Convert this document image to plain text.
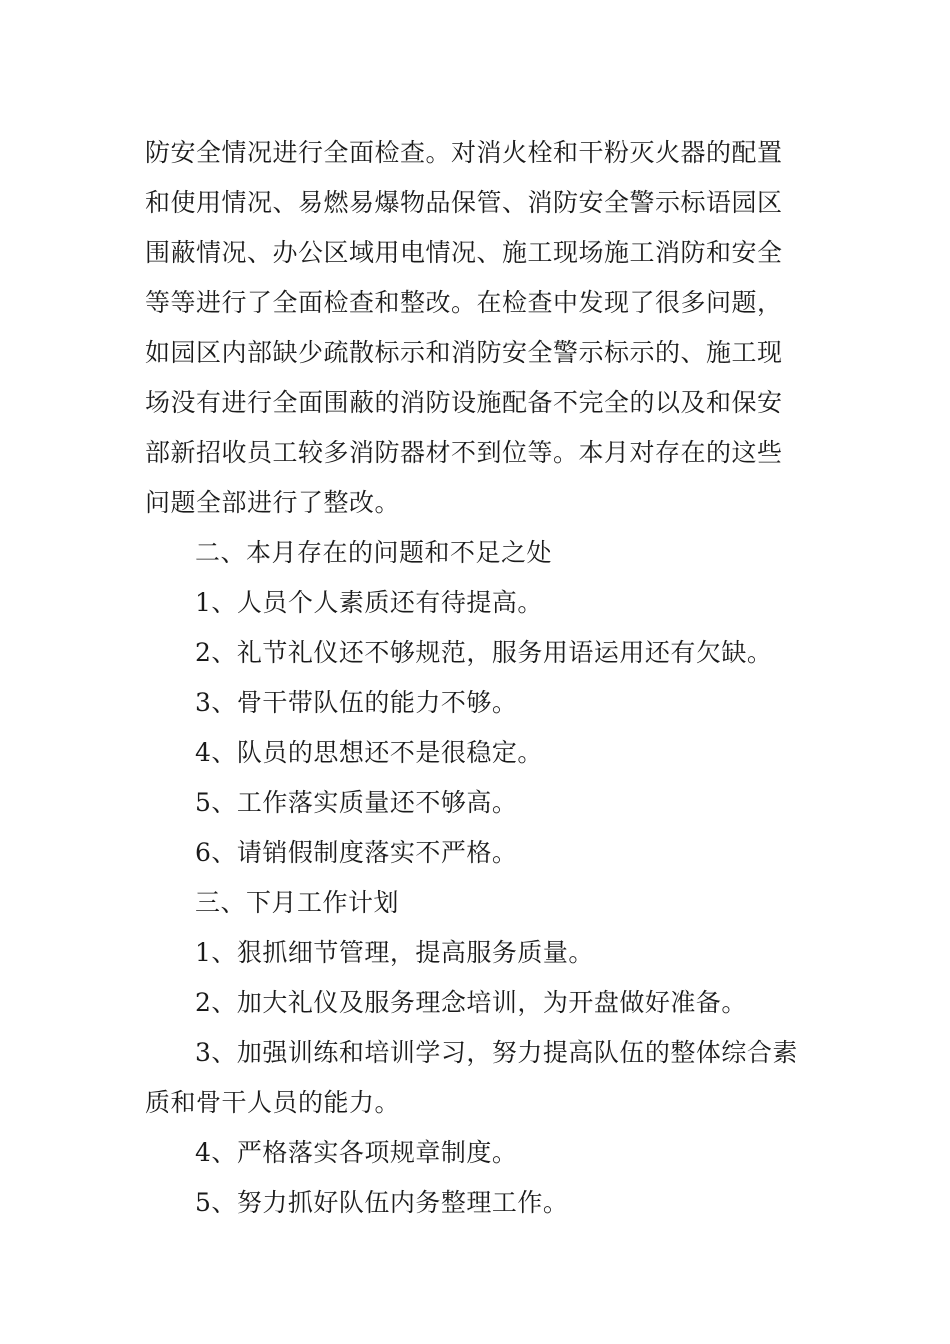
防安全情况进行全面检查。对消火栓和干粉灭火器的配置
和使用情况、易燃易爆物品保管、消防安全警示标语园区
围蔽情况、办公区域用电情况、施工现场施工消防和安全
等等进行了全面检查和整改。在检查中发现了很多问题，
如园区内部缺少疏散标示和消防安全警示标示的、施工现
场没有进行全面围蔽的消防设施配备不完全的以及和保安
部新招收员工较多消防器材不到位等。本月对存在的这些
问题全部进行了整改。
二、本月存在的问题和不足之处
1、人员个人素质还有待提高。
2、礼节礼仪还不够规范，服务用语运用还有欠缺。
3、骨干带队伍的能力不够。
4、队员的思想还不是很稳定。
5、工作落实质量还不够高。
6、请销假制度落实不严格。
三、下月工作计划
1、狠抓细节管理，提高服务质量。
2、加大礼仪及服务理念培训，为开盘做好准备。
3、加强训练和培训学习，努力提高队伍的整体综合素
质和骨干人员的能力。
4、严格落实各项规章制度。
5、努力抓好队伍内务整理工作。
